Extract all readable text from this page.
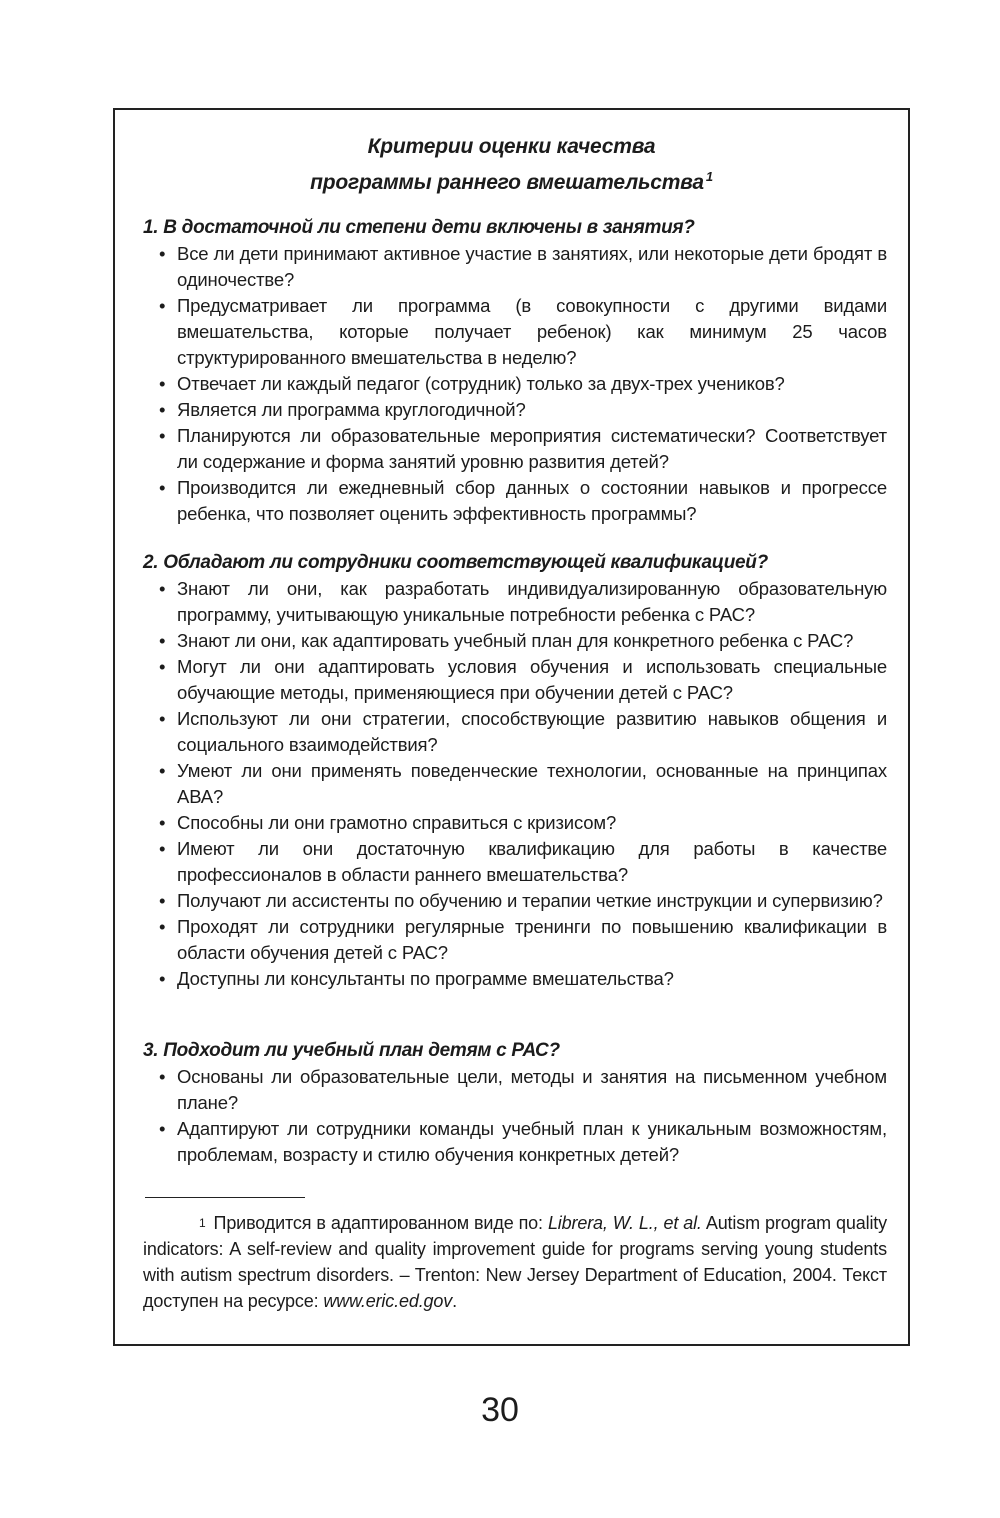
Критерии оценки качества
программы раннего вмешательства $^1$
1. В достаточной ли степени дети включены в занятия?
• Все ли дети принимают активное участие в занятиях, или некоторые дети бродят в одиночестве?
• Предусматривает ли программа (в совокупности с другими видами вмешательства, которые получает ребенок) как минимум 25 часов структурированного вмешательства в неделю?
• Отвечает ли каждый педагог (сотрудник) только за двух-трех учеников?
• Является ли программа круглогодичной?
• Планируются ли образовательные мероприятия систематически? Соответствует ли содержание и форма занятий уровню развития детей?
• Производится ли ежедневный сбор данных о состоянии навыков и прогрессе ребенка, что позволяет оценить эффективность программы?
2. Обладают ли сотрудники соответствующей квалификацией?
• Знают ли они, как разработать индивидуализированную образовательную программу, учитывающую уникальные потребности ребенка с РАС?
• Знают ли они, как адаптировать учебный план для конкретного ребенка с РАС?
• Могут ли они адаптировать условия обучения и использовать специальные обучающие методы, применяющиеся при обучении детей с РАС?
• Используют ли они стратегии, способствующие развитию навыков общения и социального взаимодействия?
• Умеют ли они применять поведенческие технологии, основанные на принципах АВА?
• Способны ли они грамотно справиться с кризисом?
• Имеют ли они достаточную квалификацию для работы в качестве профессионалов в области раннего вмешательства?
• Получают ли ассистенты по обучению и терапии четкие инструкции и супервизию?
• Проходят ли сотрудники регулярные тренинги по повышению квалификации в области обучения детей с РАС?
• Доступны ли консультанты по программе вмешательства?
3. Подходит ли учебный план детям с РАС?
• Основаны ли образовательные цели, методы и занятия на письменном учебном плане?
• Адаптируют ли сотрудники команды учебный план к уникальным возможностям, проблемам, возрасту и стилю обучения конкретных детей?
$^1$ Приводится в адаптированном виде по: Librera, W. L., et al. Autism program quality indicators: A self-review and quality improvement guide for programs serving young students with autism spectrum disorders. – Trenton: New Jersey Department of Education, 2004. Текст доступен на ресурсе: www.eric.ed.gov.
30
